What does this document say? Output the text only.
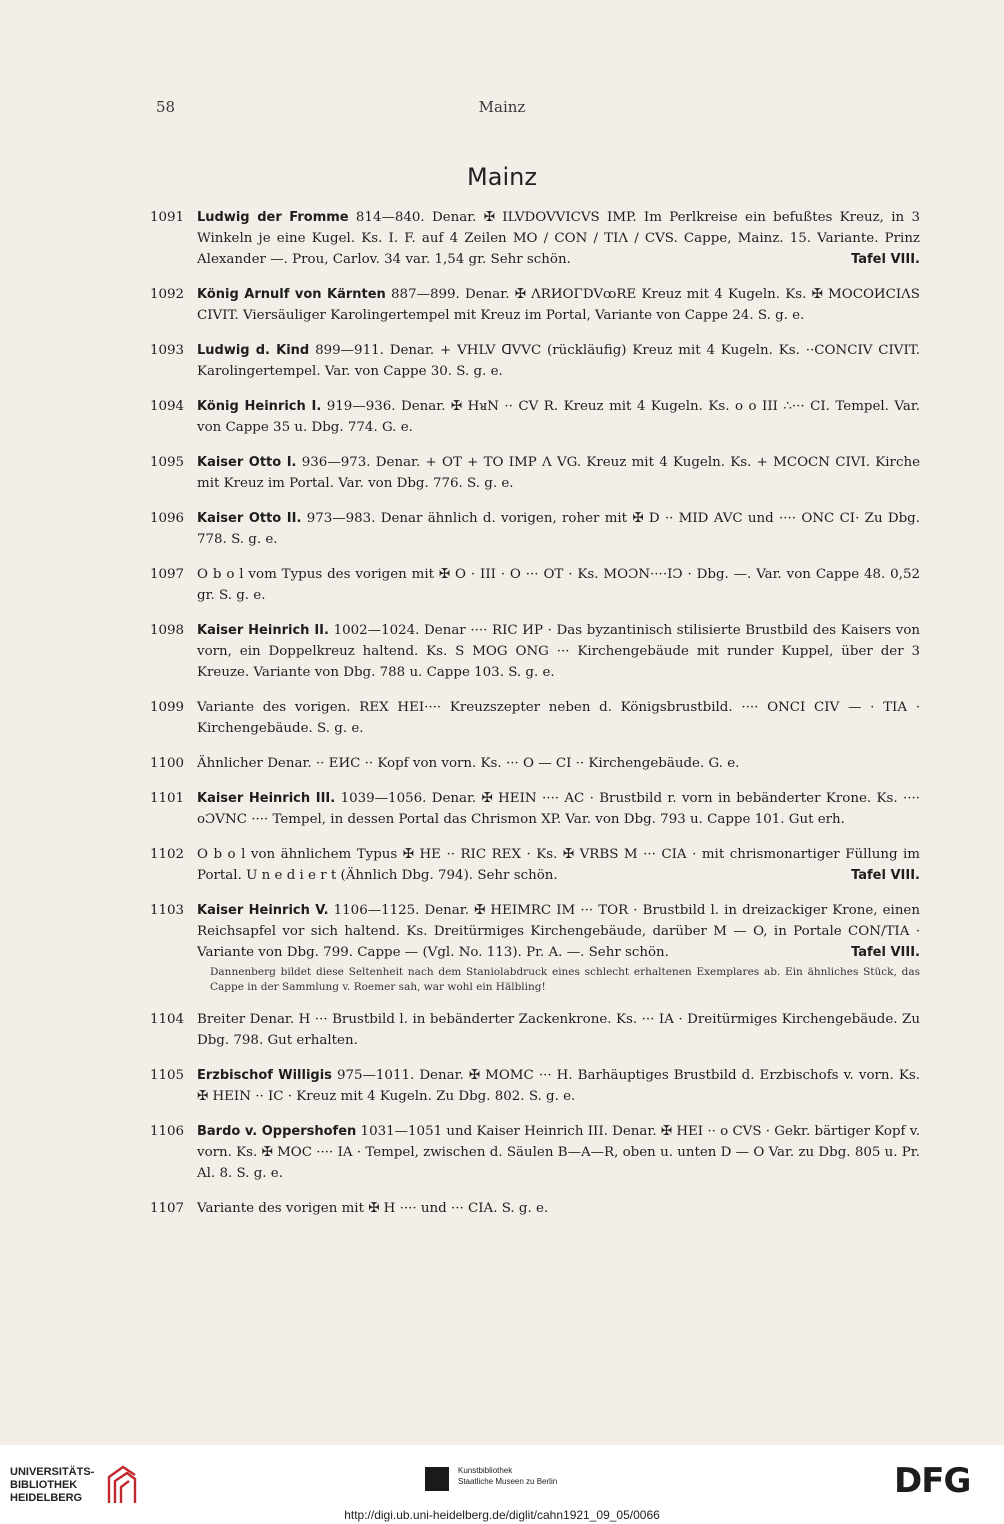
58	Mainz
Mainz
1091 Ludwig der Fromme 814—840. Denar. ✠ ILVDOVVICVS IMP. Im Perlkreise ein befußtes Kreuz, in 3 Winkeln je eine Kugel. Ks. I. F. auf 4 Zeilen MO / CON / TIΛ / CVS. Cappe, Mainz. 15. Variante. Prinz Alexander —. Prou, Carlov. 34 var. 1,54 gr. Sehr schön.	Tafel VIII.
1092 König Arnulf von Kärnten 887—899. Denar. ✠ ΛRИOΓDVꝏRE Kreuz mit 4 Kugeln. Ks. ✠ MOCOИCIΛS CIVIT. Viersäuliger Karolingertempel mit Kreuz im Portal, Variante von Cappe 24. S. g. e.
1093 Ludwig d. Kind 899—911. Denar. + VHLV ᗡVVC (rückläufig) Kreuz mit 4 Kugeln. Ks. ··CONCIV CIVIT. Karolingertempel. Var. von Cappe 30. S. g. e.
1094 König Heinrich I. 919—936. Denar. ✠ HᴚN ·· CV R. Kreuz mit 4 Kugeln. Ks. o o III ∴··· CI. Tempel. Var. von Cappe 35 u. Dbg. 774. G. e.
1095 Kaiser Otto I. 936—973. Denar. + OT + TO IMP Λ VG. Kreuz mit 4 Kugeln. Ks. + MCOCN CIVI. Kirche mit Kreuz im Portal. Var. von Dbg. 776. S. g. e.
1096 Kaiser Otto II. 973—983. Denar ähnlich d. vorigen, roher mit ✠ D ·· MID AVC und ···· ONC CI· Zu Dbg. 778. S. g. e.
1097 O b o l vom Typus des vorigen mit ✠ O · III · O ··· OT · Ks. MOƆN····IƆ · Dbg. —. Var. von Cappe 48. 0,52 gr. S. g. e.
1098 Kaiser Heinrich II. 1002—1024. Denar ···· RIC ИP · Das byzantinisch stilisierte Brustbild des Kaisers von vorn, ein Doppelkreuz haltend. Ks. S MOG ONG ··· Kirchengebäude mit runder Kuppel, über der 3 Kreuze. Variante von Dbg. 788 u. Cappe 103. S. g. e.
1099 Variante des vorigen. REX HEI···· Kreuzszepter neben d. Königsbrustbild. ···· ONCI CIV — · TIA · Kirchengebäude. S. g. e.
1100 Ähnlicher Denar. ·· EИC ·· Kopf von vorn. Ks. ··· O — CI ·· Kirchengebäude. G. e.
1101 Kaiser Heinrich III. 1039—1056. Denar. ✠ HEIN ···· AC · Brustbild r. vorn in bebänderter Krone. Ks. ···· oƆVNC ···· Tempel, in dessen Portal das Chrismon XP. Var. von Dbg. 793 u. Cappe 101. Gut erh.
1102 O b o l von ähnlichem Typus ✠ HE ·· RIC REX · Ks. ✠ VRBS M ··· CIA · mit chrismonartiger Füllung im Portal. U n e d i e r t (Ähnlich Dbg. 794). Sehr schön.	Tafel VIII.
1103 Kaiser Heinrich V. 1106—1125. Denar. ✠ HEIMRC IM ··· TOR · Brustbild l. in dreizackiger Krone, einen Reichsapfel vor sich haltend. Ks. Dreitürmiges Kirchengebäude, darüber M — O, in Portale CON/TIA · Variante von Dbg. 799. Cappe — (Vgl. No. 113). Pr. A. —. Sehr schön.	Tafel VIII.
Dannenberg bildet diese Seltenheit nach dem Staniolabdruck eines schlecht erhaltenen Exemplares ab. Ein ähnliches Stück, das Cappe in der Sammlung v. Roemer sah, war wohl ein Hälbling!
1104 Breiter Denar. H ··· Brustbild l. in bebänderter Zackenkrone. Ks. ··· IA · Dreitürmiges Kirchengebäude. Zu Dbg. 798. Gut erhalten.
1105 Erzbischof Willigis 975—1011. Denar. ✠ MOMC ··· H. Barhäuptiges Brustbild d. Erzbischofs v. vorn. Ks. ✠ HEIN ·· IC · Kreuz mit 4 Kugeln. Zu Dbg. 802. S. g. e.
1106 Bardo v. Oppershofen 1031—1051 und Kaiser Heinrich III. Denar. ✠ HEI ·· o CVS · Gekr. bärtiger Kopf v. vorn. Ks. ✠ MOC ···· IA · Tempel, zwischen d. Säulen B—A—R, oben u. unten D — O Var. zu Dbg. 805 u. Pr. Al. 8. S. g. e.
1107 Variante des vorigen mit ✠ H ···· und ··· CIA. S. g. e.
UNIVERSITÄTS-
BIBLIOTHEK
HEIDELBERG
Kunstbibliothek
Staatliche Museen zu Berlin	DFG
http://digi.ub.uni-heidelberg.de/diglit/cahn1921_09_05/0066
